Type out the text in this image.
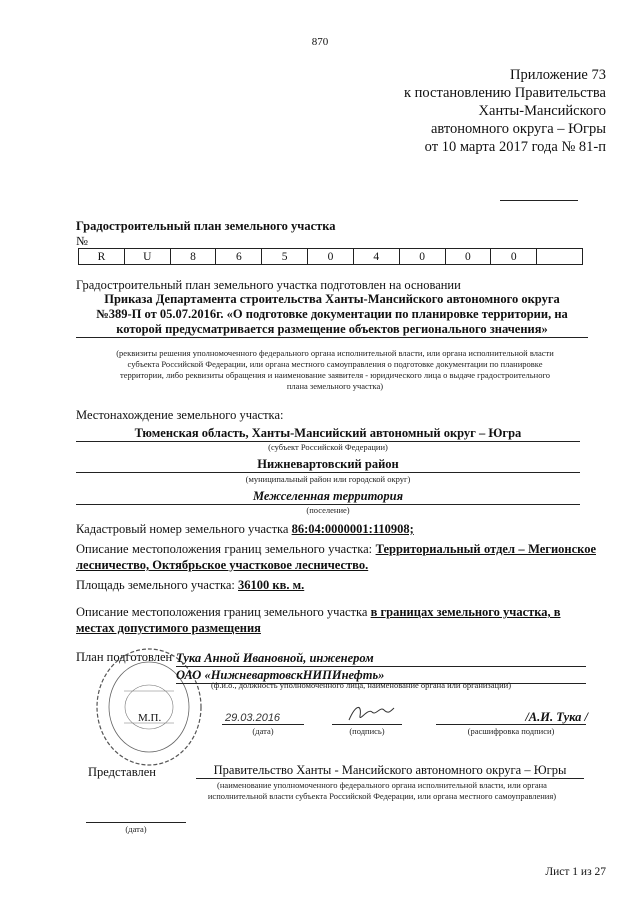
870
Приложение 73
к постановлению Правительства
Ханты-Мансийского
автономного округа – Югры
от 10 марта 2017 года № 81-п
Градостроительный план земельного участка
№
R	U	8	6	5	0	4	0	0	0	
Градостроительный план земельного участка подготовлен на основании
Приказа Департамента строительства Ханты-Мансийского автономного округа
№389-П от 05.07.2016г. «О подготовке документации по планировке территории, на
которой предусматривается размещение объектов регионального значения»
(реквизиты решения уполномоченного федерального органа исполнительной власти, или органа исполнительной власти
субъекта Российской Федерации, или органа местного самоуправления о подготовке документации по планировке
территории, либо реквизиты обращения и наименование заявителя - юридического лица о выдаче градостроительного
плана земельного участка)
Местонахождение земельного участка:
Тюменская область, Ханты-Мансийский автономный округ – Югра
(субъект Российской Федерации)
Нижневартовский район
(муниципальный район или городской округ)
Межселенная территория
(поселение)
Кадастровый номер земельного участка 86:04:0000001:110908;
Описание местоположения границ земельного участка: Территориальный отдел – Мегионское лесничество, Октябрьское участковое лесничество.
Площадь земельного участка: 36100 кв. м.
Описание местоположения границ земельного участка в границах земельного участка, в местах допустимого размещения
План подготовлен Тука Анной Ивановной, инженером
ОАО «НижневартовскНИПИнефть»
(ф.и.о., должность уполномоченного лица, наименование органа или организации)
М.П.	29.03.2016
(дата)	(подпись)
/А.И. Тука /
(расшифровка подписи)
Представлен	Правительство Ханты - Мансийского автономного округа – Югры
(наименование уполномоченного федерального органа исполнительной власти, или органа
исполнительной власти субъекта Российской Федерации, или органа местного самоуправления)
(дата)
Лист 1 из 27
